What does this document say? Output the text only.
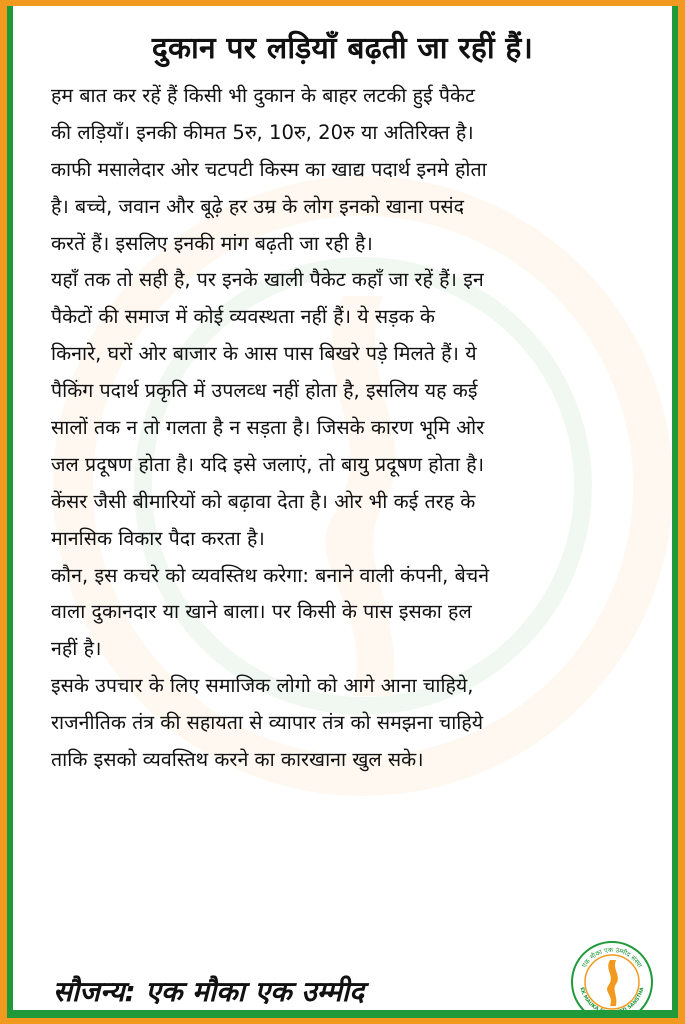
दुकान पर लड़ियाँ बढ़ती जा रहीं हैं।
हम बात कर रहें हैं किसी भी दुकान के बाहर लटकी हुई पैकेट
की लड़ियाँ। इनकी कीमत 5रु, 10रु, 20रु या अतिरिक्त है।
काफी मसालेदार ओर चटपटी किस्म का खाद्य पदार्थ इनमे होता
है। बच्चे, जवान और बूढ़े हर उम्र के लोग इनको खाना पसंद
करतें हैं। इसलिए इनकी मांग बढ़ती जा रही है।
यहाँ तक तो सही है, पर इनके खाली पैकेट कहाँ जा रहें हैं। इन
पैकेटों की समाज में कोई व्यवस्थता नहीं हैं। ये सड़क के
किनारे, घरों ओर बाजार के आस पास बिखरे पड़े मिलते हैं। ये
पैकिंग पदार्थ प्रकृति में उपलव्ध नहीं होता है, इसलिय यह कई
सालों तक न तो गलता है न सड़ता है। जिसके कारण भूमि ओर
जल प्रदूषण होता है। यदि इसे जलाएं, तो बायु प्रदूषण होता है।
केंसर जैसी बीमारियों को बढ़ावा देता है। ओर भी कई तरह के
मानसिक विकार पैदा करता है।
कौन, इस कचरे को व्यवस्तिथ करेगा: बनाने वाली कंपनी, बेचने
वाला दुकानदार या खाने बाला। पर किसी के पास इसका हल
नहीं है।
इसके उपचार के लिए समाजिक लोगो को आगे आना चाहिये,
राजनीतिक तंत्र की सहायता से व्यापार तंत्र को समझना चाहिये
ताकि इसको व्यवस्तिथ करने का कारखाना खुल सके।
सौजन्य: एक मौका एक उम्मीद
एक मौका एक उम्मीद संस्था
EK MAUKA EK UMEED SANSTHA
